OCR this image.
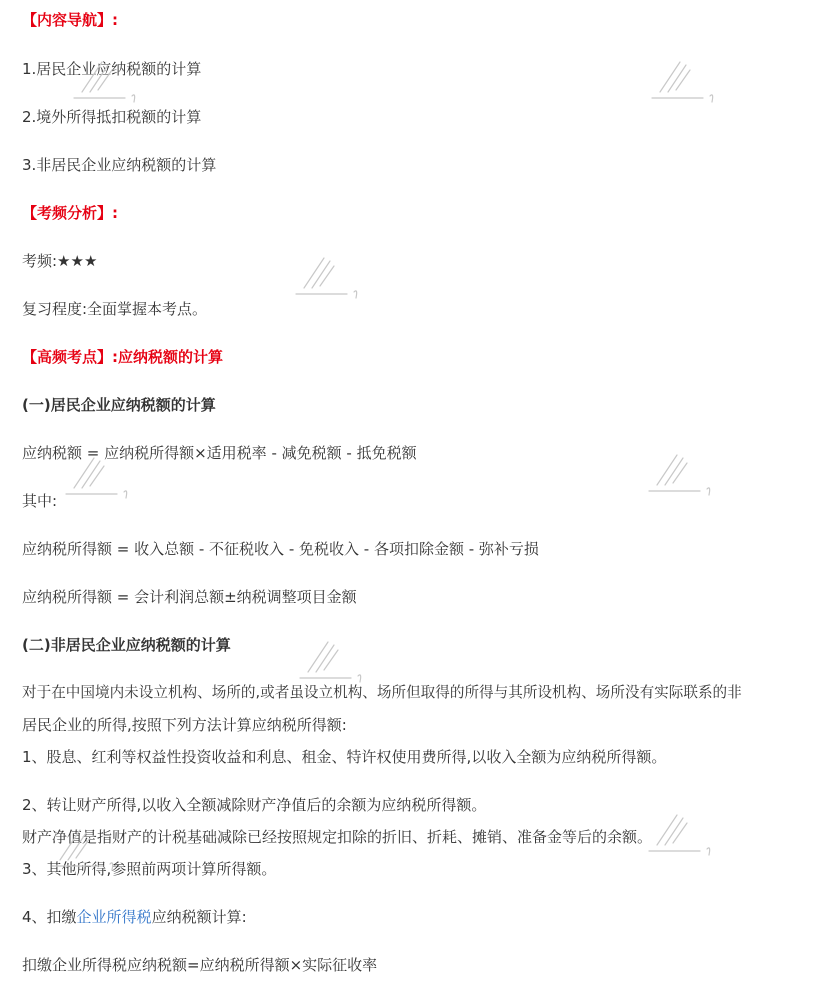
【内容导航】:
1.居民企业应纳税额的计算
2.境外所得抵扣税额的计算
3.非居民企业应纳税额的计算
【考频分析】:
考频:★★★
复习程度:全面掌握本考点。
【高频考点】:应纳税额的计算
(一)居民企业应纳税额的计算
应纳税额 = 应纳税所得额×适用税率 - 减免税额 - 抵免税额
其中:
应纳税所得额 = 收入总额 - 不征税收入 - 免税收入 - 各项扣除金额 - 弥补亏损
应纳税所得额 = 会计利润总额±纳税调整项目金额
(二)非居民企业应纳税额的计算
对于在中国境内未设立机构、场所的,或者虽设立机构、场所但取得的所得与其所设机构、场所没有实际联系的非
居民企业的所得,按照下列方法计算应纳税所得额:
1、股息、红利等权益性投资收益和利息、租金、特许权使用费所得,以收入全额为应纳税所得额。
2、转让财产所得,以收入全额减除财产净值后的余额为应纳税所得额。
财产净值是指财产的计税基础减除已经按照规定扣除的折旧、折耗、摊销、准备金等后的余额。
3、其他所得,参照前两项计算所得额。
4、扣缴企业所得税应纳税额计算:
扣缴企业所得税应纳税额=应纳税所得额×实际征收率
